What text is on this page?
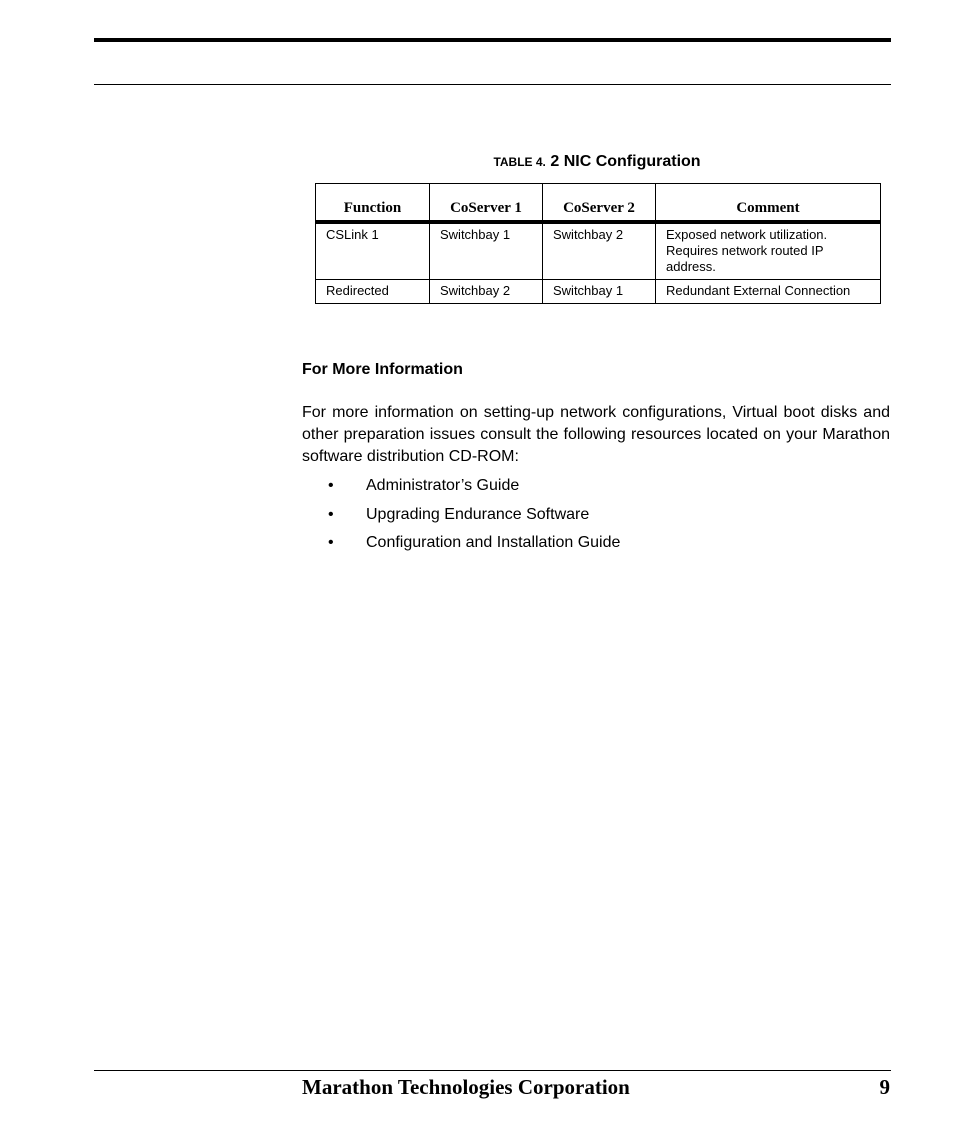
TABLE 4. 2 NIC Configuration
Function	CoServer 1	CoServer 2	Comment

CSLink 1	Switchbay 1	Switchbay 2	Exposed network utilization. Requires network routed IP address.
Redirected	Switchbay 2	Switchbay 1	Redundant External Connection
For More Information
For more information on setting-up network configurations, Virtual boot disks and other preparation issues consult the following resources located on your Marathon software distribution CD-ROM:
• Administrator’s Guide
• Upgrading Endurance Software
• Configuration and Installation Guide
Marathon Technologies Corporation	9
